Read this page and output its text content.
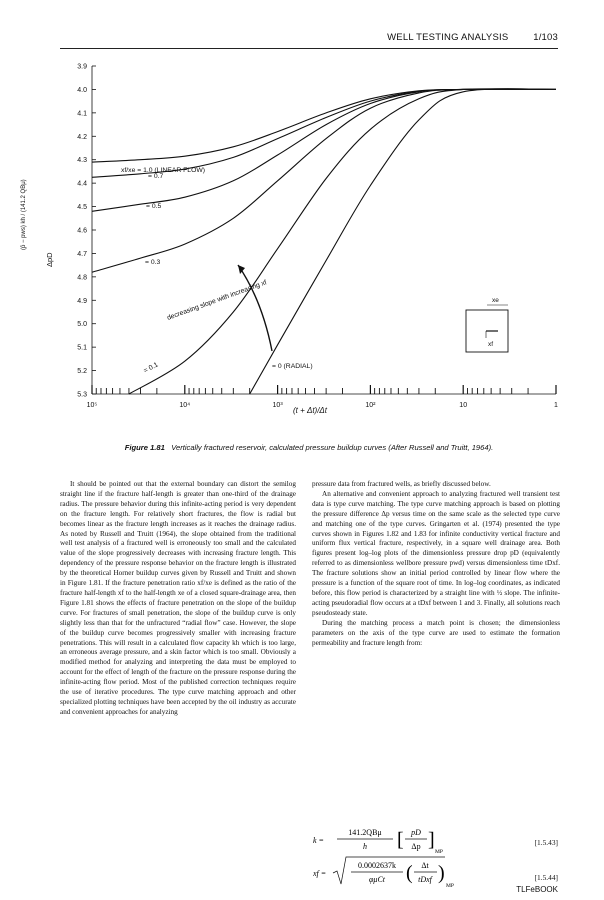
WELL TESTING ANALYSIS	1/103
3.9
4.0
4.1
4.2
4.3
4.4
4.5
4.6
4.7
4.8
4.9
5.0
5.1
5.2
5.3
10⁵	10⁴	10³	10²	10	1
ΔpD
(p̄ − pws) kh / (141.2 QBμ)
(t + Δt)/Δt
xf/xe = 1.0 (LINEAR FLOW)
= 0.7
= 0.5
= 0.3
= 0.1	= 0 (RADIAL)
decreasing slope with increasing xf	xe
xf
Figure 1.81 Vertically fractured reservoir, calculated pressure buildup curves (After Russell and Truitt, 1964).

It should be pointed out that the external boundary can distort the semilog straight line if the fracture half-length is greater than one-third of the drainage radius. The pressure behavior during this infinite-acting period is very dependent on the fracture length. For relatively short fractures, the flow is radial but becomes linear as the fracture length increases as it reaches the drainage radius. As noted by Russell and Truitt (1964), the slope obtained from the traditional well test analysis of a fractured well is erroneously too small and the calculated value of the slope progressively decreases with increasing fracture length. This dependency of the pressure response behavior on the fracture length is illustrated by the theoretical Horner buildup curves given by Russell and Truitt and shown in Figure 1.81. If the fracture penetration ratio xf/xe is defined as the ratio of the fracture half-length xf to the half-length xe of a closed square-drainage area, then Figure 1.81 shows the effects of fracture penetration on the slope of the buildup curve. For fractures of small penetration, the slope of the buildup curve is only slightly less than that for the unfractured “radial flow” case. However, the slope of the buildup curve becomes progressively smaller with increasing fracture penetrations. This will result in a calculated flow capacity kh which is too large, an erroneous average pressure, and a skin factor which is too small. Obviously a modified method for analyzing and interpreting the data must be employed to account for the effect of length of the fracture on the pressure response during the infinite-acting flow period. Most of the published correction techniques require the use of iterative procedures. The type curve matching approach and other specialized plotting techniques have been accepted by the oil industry as accurate and convenient approaches for analyzing

pressure data from fractured wells, as briefly discussed below.

An alternative and convenient approach to analyzing fractured well transient test data is type curve matching. The type curve matching approach is based on plotting the pressure difference Δp versus time on the same scale as the selected type curve and matching one of the type curves. Gringarten et al. (1974) presented the type curves shown in Figures 1.82 and 1.83 for infinite conductivity vertical fracture and uniform flux vertical fracture, respectively, in a square well drainage area. Both figures present log–log plots of the dimensionless pressure drop pD (equivalently referred to as dimensionless wellbore pressure pwd) versus dimensionless time tDxf. The fracture solutions show an initial period controlled by linear flow where the pressure is a function of the square root of time. In log–log coordinates, as indicated before, this flow period is characterized by a straight line with ½ slope. The infinite-acting pseudoradial flow occurs at a tDxf between 1 and 3. Finally, all solutions reach pseudosteady state.

During the matching process a match point is chosen; the dimensionless parameters on the axis of the type curve are used to estimate the formation permeability and fracture length from:

k =
141.2QBμ
h [ pD
Δp ]
MP
[1.5.43]
xf =
0.0002637k
φμCt ( Δt
tDxf )
MP
[1.5.44]
TLFeBOOK
